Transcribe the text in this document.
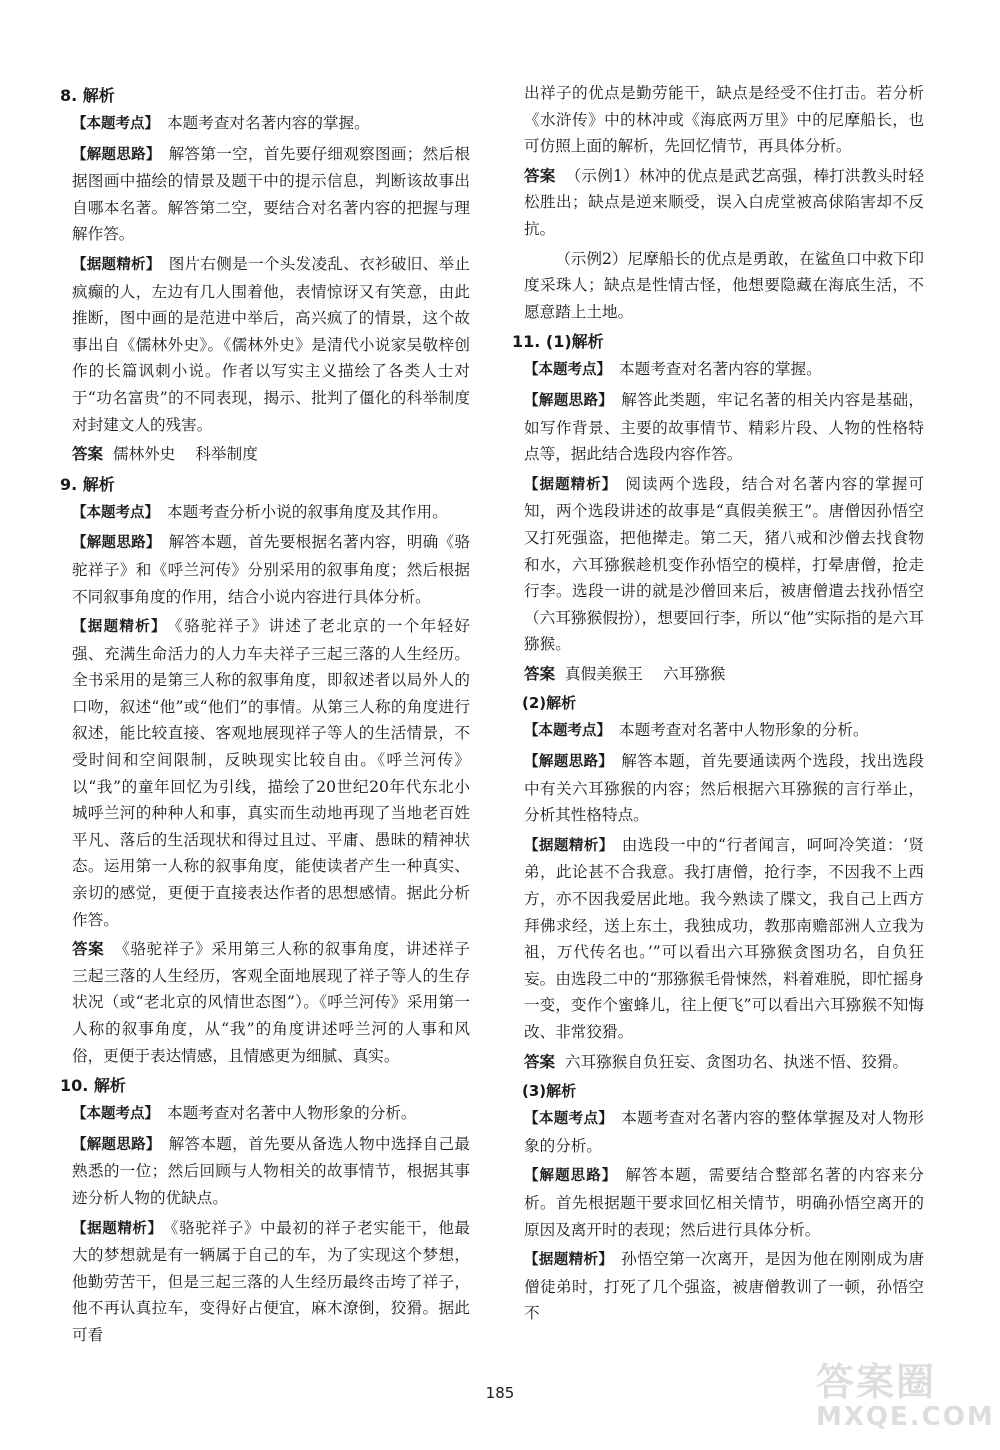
8. 解析

【本题考点】 本题考查对名著内容的掌握。

【解题思路】 解答第一空，首先要仔细观察图画；然后根据图画中描绘的情景及题干中的提示信息，判断该故事出自哪本名著。解答第二空，要结合对名著内容的把握与理解作答。

【据题精析】 图片右侧是一个头发凌乱、衣衫破旧、举止疯癫的人，左边有几人围着他，表情惊讶又有笑意，由此推断，图中画的是范进中举后，高兴疯了的情景，这个故事出自《儒林外史》。《儒林外史》是清代小说家吴敬梓创作的长篇讽刺小说。作者以写实主义描绘了各类人士对于“功名富贵”的不同表现，揭示、批判了僵化的科举制度对封建文人的残害。

答案 儒林外史 科举制度

9. 解析

【本题考点】 本题考查分析小说的叙事角度及其作用。

【解题思路】 解答本题，首先要根据名著内容，明确《骆驼祥子》和《呼兰河传》分别采用的叙事角度；然后根据不同叙事角度的作用，结合小说内容进行具体分析。

【据题精析】 《骆驼祥子》讲述了老北京的一个年轻好强、充满生命活力的人力车夫祥子三起三落的人生经历。全书采用的是第三人称的叙事角度，即叙述者以局外人的口吻，叙述“他”或“他们”的事情。从第三人称的角度进行叙述，能比较直接、客观地展现祥子等人的生活情景，不受时间和空间限制，反映现实比较自由。《呼兰河传》以“我”的童年回忆为引线，描绘了20世纪20年代东北小城呼兰河的种种人和事，真实而生动地再现了当地老百姓平凡、落后的生活现状和得过且过、平庸、愚昧的精神状态。运用第一人称的叙事角度，能使读者产生一种真实、亲切的感觉，更便于直接表达作者的思想感情。据此分析作答。

答案 《骆驼祥子》采用第三人称的叙事角度，讲述祥子三起三落的人生经历，客观全面地展现了祥子等人的生存状况（或“老北京的风情世态图”）。《呼兰河传》采用第一人称的叙事角度，从“我”的角度讲述呼兰河的人事和风俗，更便于表达情感，且情感更为细腻、真实。

10. 解析

【本题考点】 本题考查对名著中人物形象的分析。

【解题思路】 解答本题，首先要从备选人物中选择自己最熟悉的一位；然后回顾与人物相关的故事情节，根据其事迹分析人物的优缺点。

【据题精析】 《骆驼祥子》中最初的祥子老实能干，他最大的梦想就是有一辆属于自己的车，为了实现这个梦想，他勤劳苦干，但是三起三落的人生经历最终击垮了祥子，他不再认真拉车，变得好占便宜，麻木潦倒，狡猾。据此可看

出祥子的优点是勤劳能干，缺点是经受不住打击。若分析《水浒传》中的林冲或《海底两万里》中的尼摩船长，也可仿照上面的解析，先回忆情节，再具体分析。

答案 （示例1）林冲的优点是武艺高强，棒打洪教头时轻松胜出；缺点是逆来顺受，误入白虎堂被高俅陷害却不反抗。

（示例2）尼摩船长的优点是勇敢，在鲨鱼口中救下印度采珠人；缺点是性情古怪，他想要隐藏在海底生活，不愿意踏上土地。

11. (1)解析

【本题考点】 本题考查对名著内容的掌握。

【解题思路】 解答此类题，牢记名著的相关内容是基础，如写作背景、主要的故事情节、精彩片段、人物的性格特点等，据此结合选段内容作答。

【据题精析】 阅读两个选段，结合对名著内容的掌握可知，两个选段讲述的故事是“真假美猴王”。唐僧因孙悟空又打死强盗，把他撵走。第二天，猪八戒和沙僧去找食物和水，六耳猕猴趁机变作孙悟空的模样，打晕唐僧，抢走行李。选段一讲的就是沙僧回来后，被唐僧遣去找孙悟空（六耳猕猴假扮），想要回行李，所以“他”实际指的是六耳猕猴。

答案 真假美猴王 六耳猕猴

(2)解析

【本题考点】 本题考查对名著中人物形象的分析。

【解题思路】 解答本题，首先要通读两个选段，找出选段中有关六耳猕猴的内容；然后根据六耳猕猴的言行举止，分析其性格特点。

【据题精析】 由选段一中的“行者闻言，呵呵冷笑道：‘贤弟，此论甚不合我意。我打唐僧，抢行李，不因我不上西方，亦不因我爱居此地。我今熟读了牒文，我自己上西方拜佛求经，送上东土，我独成功，教那南赡部洲人立我为祖，万代传名也。’”可以看出六耳猕猴贪图功名，自负狂妄。由选段二中的“那猕猴毛骨悚然，料着难脱，即忙摇身一变，变作个蜜蜂儿，往上便飞”可以看出六耳猕猴不知悔改、非常狡猾。

答案 六耳猕猴自负狂妄、贪图功名、执迷不悟、狡猾。

(3)解析

【本题考点】 本题考查对名著内容的整体掌握及对人物形象的分析。

【解题思路】 解答本题，需要结合整部名著的内容来分析。首先根据题干要求回忆相关情节，明确孙悟空离开的原因及离开时的表现；然后进行具体分析。

【据题精析】 孙悟空第一次离开，是因为他在刚刚成为唐僧徒弟时，打死了几个强盗，被唐僧教训了一顿，孙悟空不

185	答案圈
MXQE.COM
